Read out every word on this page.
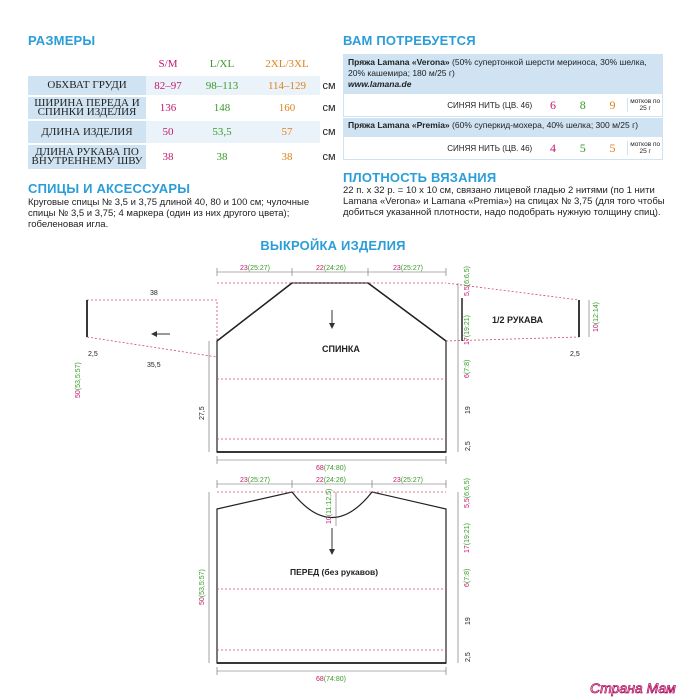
РАЗМЕРЫ
	S/M	L/XL	2XL/3XL	
ОБХВАТ ГРУДИ	82–97	98–113	114–129	см
ШИРИНА ПЕРЕДА И СПИНКИ ИЗДЕЛИЯ	136	148	160	см
ДЛИНА ИЗДЕЛИЯ	50	53,5	57	см
ДЛИНА РУКАВА ПО ВНУТРЕННЕМУ ШВУ	38	38	38	см
ВАМ ПОТРЕБУЕТСЯ
Пряжа Lamana «Verona» (50% супертонкой шерсти мериноса, 30% шелка, 20% кашемира; 180 м/25 г)
www.lamana.de
СИНЯЯ НИТЬ (ЦВ. 46)	6	8	9	мотков по 25 г
Пряжа Lamana «Premia» (60% суперкид-мохера, 40% шелка; 300 м/25 г)
СИНЯЯ НИТЬ (ЦВ. 46)	4	5	5	мотков по 25 г
СПИЦЫ И АКСЕССУАРЫ
Круговые спицы № 3,5 и 3,75 длиной 40, 80 и 100 см; чулочные спицы № 3,5 и 3,75; 4 маркера (один из них другого цвета); гобеленовая игла.
ПЛОТНОСТЬ ВЯЗАНИЯ
22 п. х 32 р. = 10 х 10 см, связано лицевой гладью 2 нитями (по 1 нити Lamana «Verona» и Lamana «Premia») на спицах № 3,75 (для того чтобы добиться указанной плотности, надо подобрать нужную толщину спиц).
ВЫКРОЙКА ИЗДЕЛИЯ
СПИНКА
1/2 РУКАВА
ПЕРЕД (без рукавов)
23(25:27)	22(24:26)	23(25:27)
38
35,5
2,5	2,5
5,5(6:6,5)
17(19:21)	10(12:14)
6(7:8)
19
2,5
27,5
50(53,5:57)
68(74:80)
23(25:27)	22(24:26)	23(25:27)
10(11:12,5)	5,5(6:6,5)
17(19:21)
6(7:8)
19
2,5
50(53,5:57)
68(74:80)
Страна Мам
